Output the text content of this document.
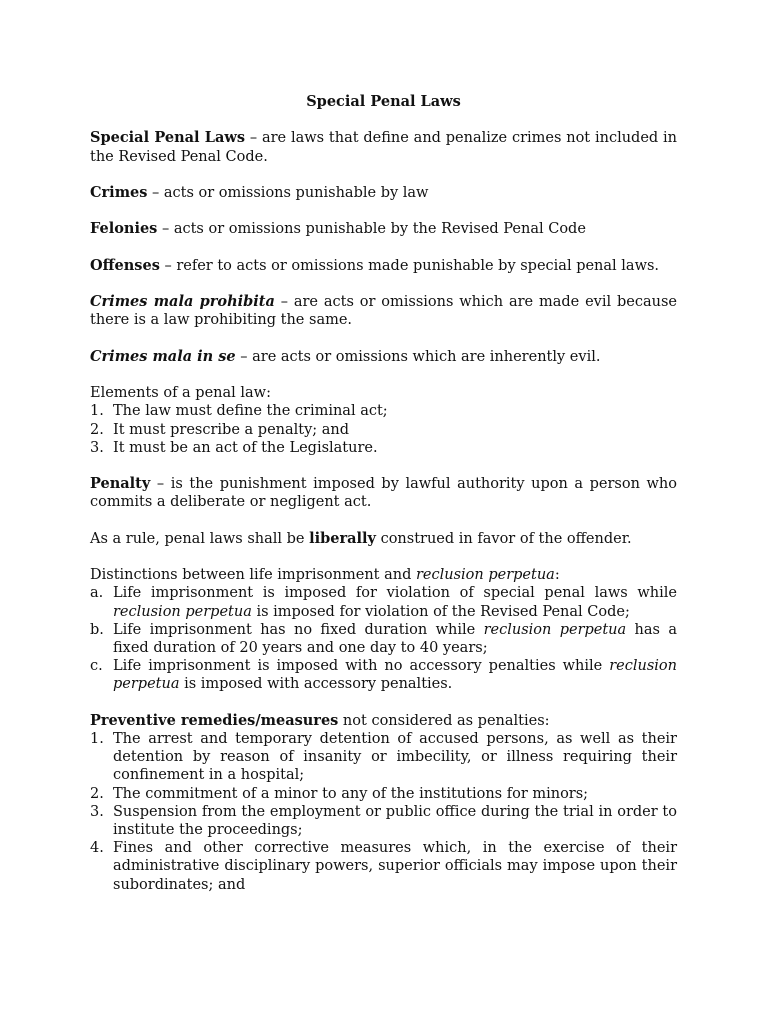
Special Penal Laws

Special Penal Laws – are laws that define and penalize crimes not included in the Revised Penal Code.

Crimes – acts or omissions punishable by law

Felonies – acts or omissions punishable by the Revised Penal Code

Offenses – refer to acts or omissions made punishable by special penal laws.

Crimes mala prohibita – are acts or omissions which are made evil because there is a law prohibiting the same.

Crimes mala in se – are acts or omissions which are inherently evil.

Elements of a penal law:

1. The law must define the criminal act;
2. It must prescribe a penalty; and
3. It must be an act of the Legislature.

Penalty – is the punishment imposed by lawful authority upon a person who commits a deliberate or negligent act.

As a rule, penal laws shall be liberally construed in favor of the offender.

Distinctions between life imprisonment and reclusion perpetua:

a. Life imprisonment is imposed for violation of special penal laws while reclusion perpetua is imposed for violation of the Revised Penal Code;
b. Life imprisonment has no fixed duration while reclusion perpetua has a fixed duration of 20 years and one day to 40 years;
c. Life imprisonment is imposed with no accessory penalties while reclusion perpetua is imposed with accessory penalties.

Preventive remedies/measures not considered as penalties:

1. The arrest and temporary detention of accused persons, as well as their detention by reason of insanity or imbecility, or illness requiring their confinement in a hospital;
2. The commitment of a minor to any of the institutions for minors;
3. Suspension from the employment or public office during the trial in order to institute the proceedings;
4. Fines and other corrective measures which, in the exercise of their administrative disciplinary powers, superior officials may impose upon their subordinates; and
